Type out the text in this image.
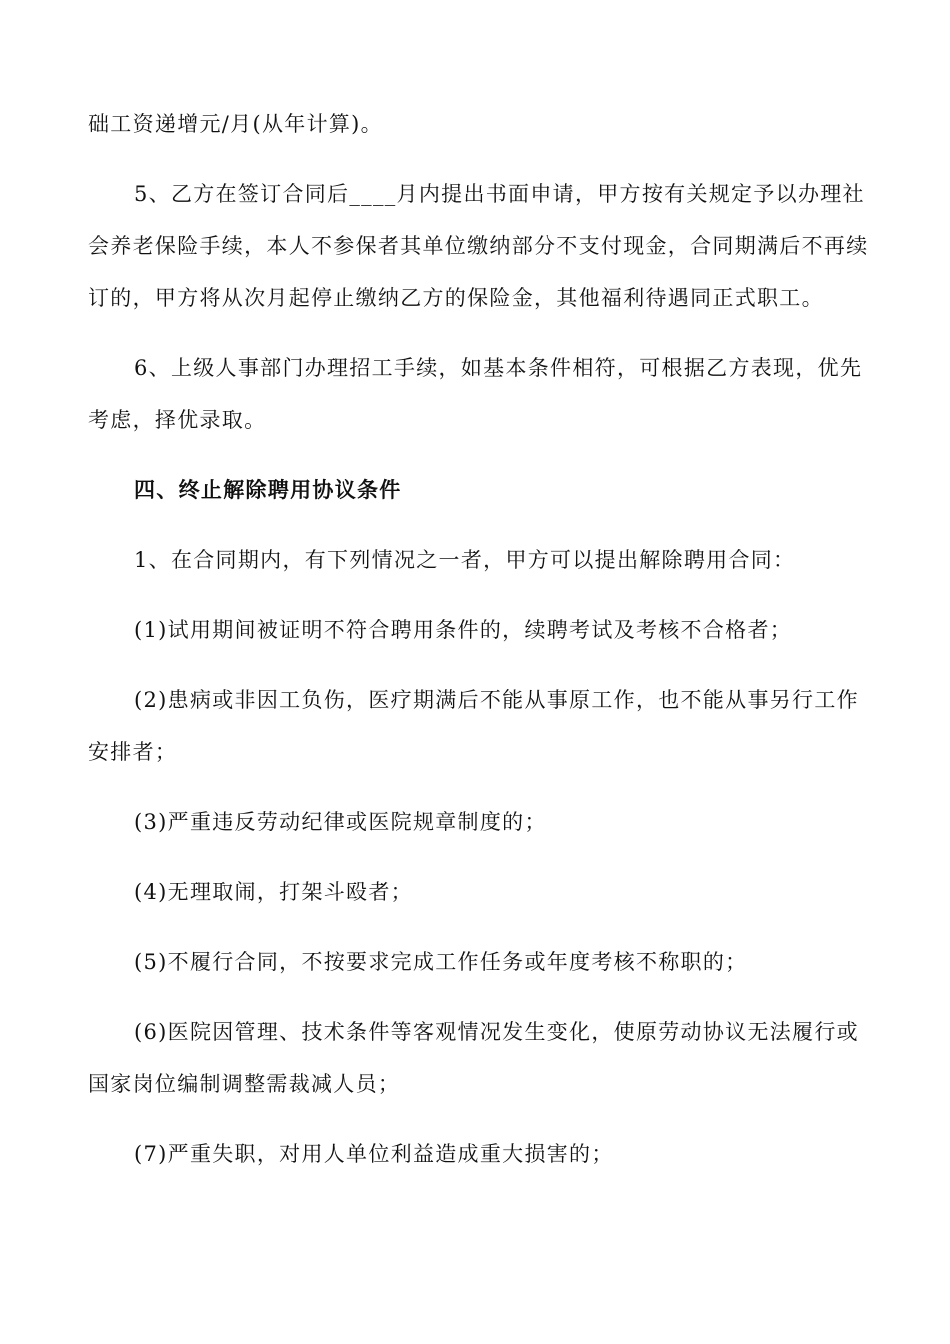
础工资递增元/月(从年计算)。
5、乙方在签订合同后____月内提出书面申请，甲方按有关规定予以办理社
会养老保险手续，本人不参保者其单位缴纳部分不支付现金，合同期满后不再续
订的，甲方将从次月起停止缴纳乙方的保险金，其他福利待遇同正式职工。
6、上级人事部门办理招工手续，如基本条件相符，可根据乙方表现，优先
考虑，择优录取。
四、终止解除聘用协议条件
1、在合同期内，有下列情况之一者，甲方可以提出解除聘用合同：
(1)试用期间被证明不符合聘用条件的，续聘考试及考核不合格者；
(2)患病或非因工负伤，医疗期满后不能从事原工作，也不能从事另行工作
安排者；
(3)严重违反劳动纪律或医院规章制度的；
(4)无理取闹，打架斗殴者；
(5)不履行合同，不按要求完成工作任务或年度考核不称职的；
(6)医院因管理、技术条件等客观情况发生变化，使原劳动协议无法履行或
国家岗位编制调整需裁减人员；
(7)严重失职，对用人单位利益造成重大损害的；
